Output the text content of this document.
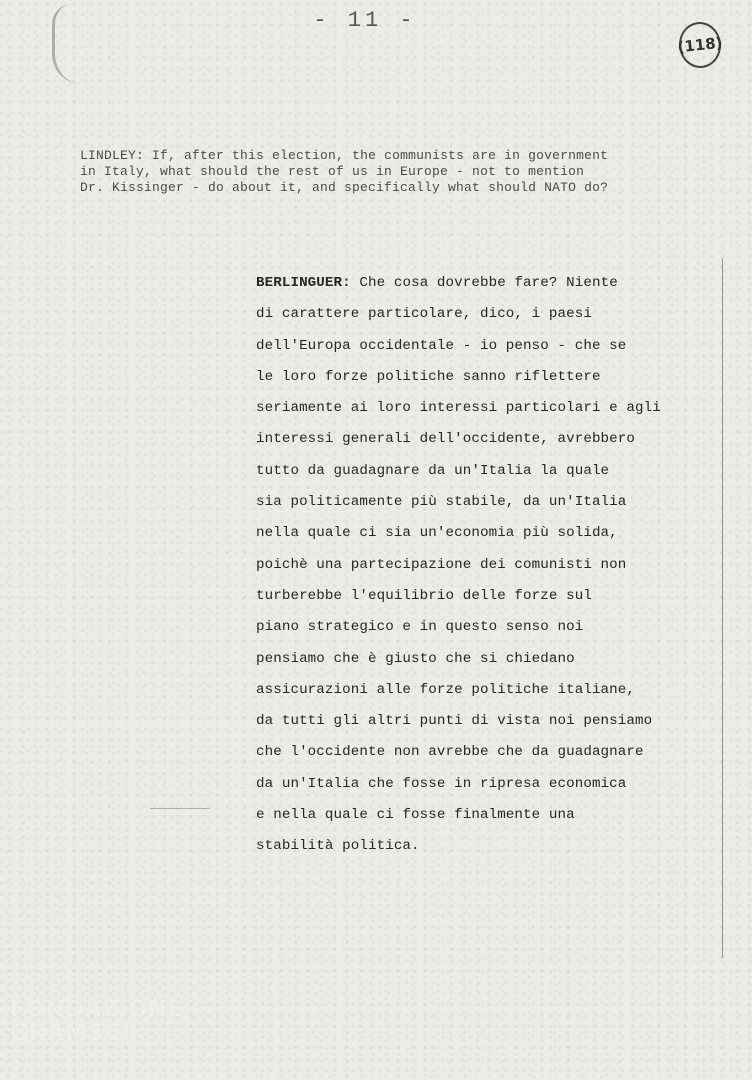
- 11 -
(118)
LINDLEY: If, after this election, the communists are in government
in Italy, what should the rest of us in Europe - not to mention
Dr. Kissinger - do about it, and specifically what should NATO do?
BERLINGUER: Che cosa dovrebbe fare? Niente
di carattere particolare, dico, i paesi
dell'Europa occidentale - io penso - che se
le loro forze politiche sanno riflettere
seriamente ai loro interessi particolari e agli
interessi generali dell'occidente, avrebbero
tutto da guadagnare da un'Italia la quale
sia politicamente più stabile, da un'Italia
nella quale ci sia un'economia più solida,
poichè una partecipazione dei comunisti non
turberebbe l'equilibrio delle forze sul
piano strategico e in questo senso noi
pensiamo che è giusto che si chiedano
assicurazioni alle forze politiche italiane,
da tutti gli altri punti di vista noi pensiamo
che l'occidente non avrebbe che da guadagnare
da un'Italia che fosse in ripresa economica
e nella quale ci fosse finalmente una
stabilità politica.
FONDAZIONE
GRAMSCI
